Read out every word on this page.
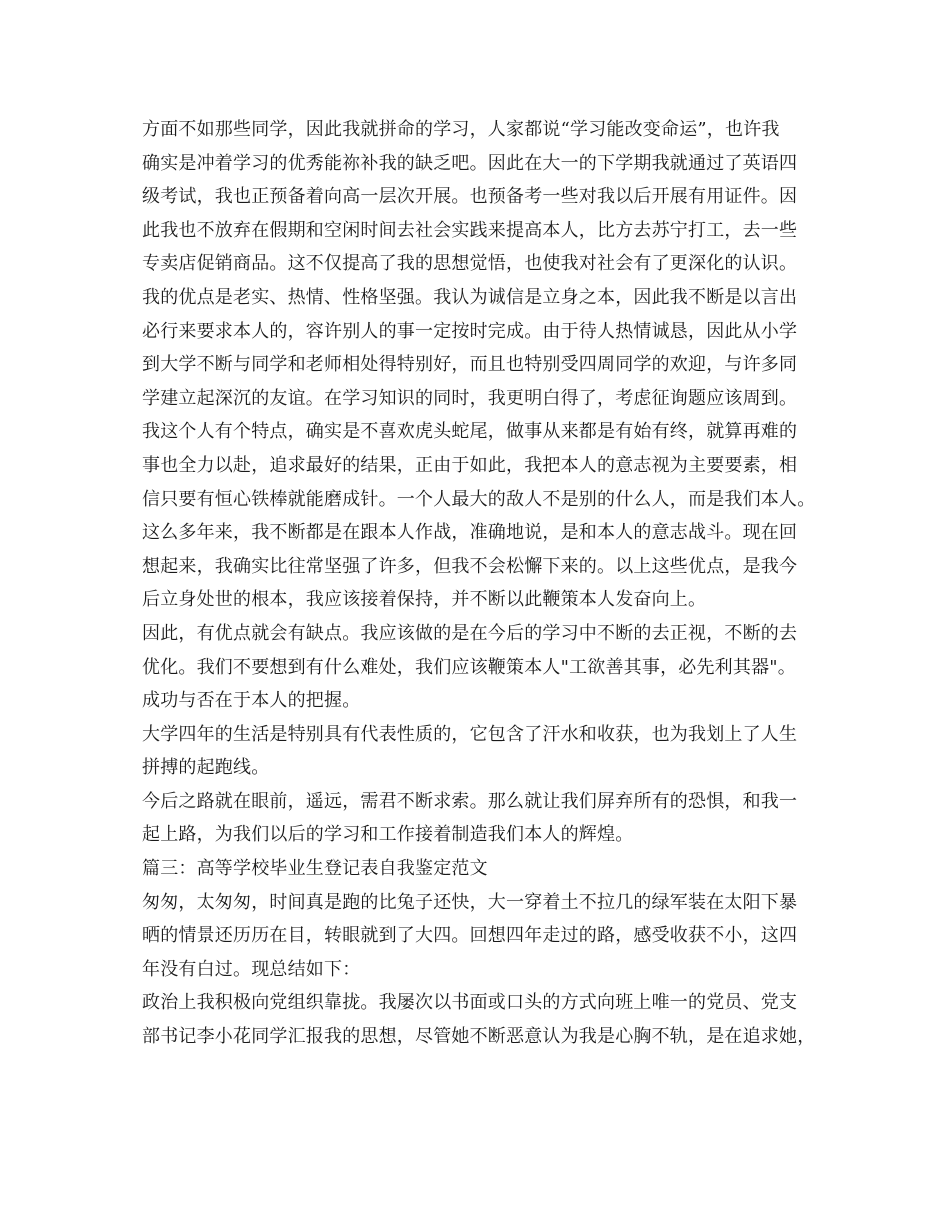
方面不如那些同学，因此我就拼命的学习，人家都说“学习能改变命运”，也许我
确实是冲着学习的优秀能祢补我的缺乏吧。因此在大一的下学期我就通过了英语四
级考试，我也正预备着向高一层次开展。也预备考一些对我以后开展有用证件。因
此我也不放弃在假期和空闲时间去社会实践来提高本人，比方去苏宁打工，去一些
专卖店促销商品。这不仅提高了我的思想觉悟，也使我对社会有了更深化的认识。
我的优点是老实、热情、性格坚强。我认为诚信是立身之本，因此我不断是以言出
必行来要求本人的，容许别人的事一定按时完成。由于待人热情诚恳，因此从小学
到大学不断与同学和老师相处得特别好，而且也特别受四周同学的欢迎，与许多同
学建立起深沉的友谊。在学习知识的同时，我更明白得了，考虑征询题应该周到。
我这个人有个特点，确实是不喜欢虎头蛇尾，做事从来都是有始有终，就算再难的
事也全力以赴，追求最好的结果，正由于如此，我把本人的意志视为主要要素，相
信只要有恒心铁棒就能磨成针。一个人最大的敌人不是别的什么人，而是我们本人。
这么多年来，我不断都是在跟本人作战，准确地说，是和本人的意志战斗。现在回
想起来，我确实比往常坚强了许多，但我不会松懈下来的。以上这些优点，是我今
后立身处世的根本，我应该接着保持，并不断以此鞭策本人发奋向上。
因此，有优点就会有缺点。我应该做的是在今后的学习中不断的去正视，不断的去
优化。我们不要想到有什么难处，我们应该鞭策本人"工欲善其事，必先利其器"。
成功与否在于本人的把握。
大学四年的生活是特别具有代表性质的，它包含了汗水和收获，也为我划上了人生
拼搏的起跑线。
今后之路就在眼前，遥远，需君不断求索。那么就让我们屏弃所有的恐惧，和我一
起上路，为我们以后的学习和工作接着制造我们本人的辉煌。
篇三：高等学校毕业生登记表自我鉴定范文
匆匆，太匆匆，时间真是跑的比兔子还快，大一穿着土不拉几的绿军装在太阳下暴
晒的情景还历历在目，转眼就到了大四。回想四年走过的路，感受收获不小，这四
年没有白过。现总结如下：
政治上我积极向党组织靠拢。我屡次以书面或口头的方式向班上唯一的党员、党支
部书记李小花同学汇报我的思想，尽管她不断恶意认为我是心胸不轨，是在追求她，
